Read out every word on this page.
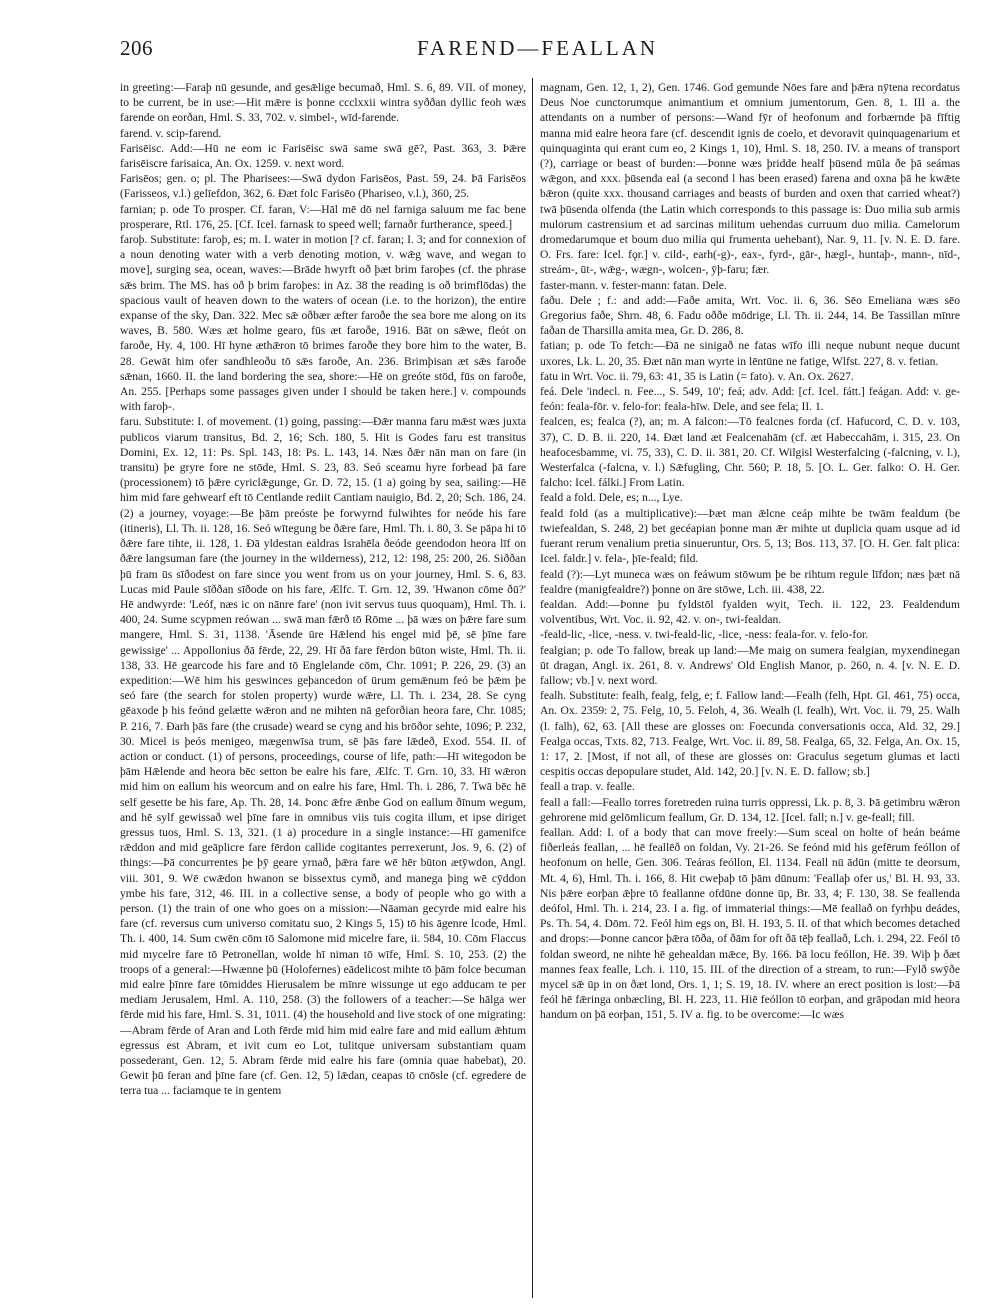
206	FAREND—FEALLAN

in greeting:—Faraþ nū gesunde, and gesǣlige becumað, Hml. S. 6, 89. VII. of money, to be current, be in use:—Hit mǣre is þonne ccclxxii wintra syððan dyllic feoh wæs farende on eorðan, Hml. S. 33, 702. v. simbel-, wīd-farende.

farend. v. scip-farend.

Farisēisc. Add:—Hū ne eom ic Farisēisc swā same swā gē?, Past. 363, 3. Þǣre farisēiscre farisaica, An. Ox. 1259. v. next word.

Farisēos; gen. o; pl. The Pharisees:—Swā dydon Farisēos, Past. 59, 24. Þā Farisēos (Farisseos, v.l.) gelīefdon, 362, 6. Ðæt folc Farisēo (Phariseo, v.l.), 360, 25.

farnian; p. ode To prosper. Cf. faran, V:—Hāl mē dō nel farniga saluum me fac bene prosperare, Rtl. 176, 25. [Cf. Icel. farnask to speed well; farnaðr furtherance, speed.]

faroþ. Substitute: faroþ, es; m. I. water in motion [? cf. faran; I. 3; and for connexion of a noun denoting water with a verb denoting motion, v. wǣg wave, and wegan to move], surging sea, ocean, waves:—Brāde hwyrft oð þæt brim faroþes (cf. the phrase sǣs brim. The MS. has oð þ brim faroþes: in Az. 38 the reading is oð brimflōdas) the spacious vault of heaven down to the waters of ocean (i.e. to the horizon), the entire expanse of the sky, Dan. 322. Mec sǣ oðbær æfter faroðe the sea bore me along on its waves, B. 580. Wæs æt holme gearo, fūs æt faroðe, 1916. Bāt on sǣwe, fleót on faroðe, Hy. 4, 100. Hī hyne æthǣron tō brimes faroðe they bore him to the water, B. 28. Gewāt him ofer sandhleoðu tō sǣs faroðe, An. 236. Brimþisan æt sǣs faroðe sǣnan, 1660. II. the land bordering the sea, shore:—Hē on greóte stōd, fūs on faroðe, An. 255. [Perhaps some passages given under I should be taken here.] v. compounds with faroþ-.

faru. Substitute: I. of movement. (1) going, passing:—Ðǣr manna faru mǣst wæs juxta publicos viarum transitus, Bd. 2, 16; Sch. 180, 5. Hit is Godes faru est transitus Domini, Ex. 12, 11: Ps. Spl. 143, 18: Ps. L. 143, 14. Næs ðǣr nān man on fare (in transitu) þe gryre fore ne stōde, Hml. S. 23, 83. Seó sceamu hyre forbead þā fare (processionem) tō þǣre cyriclǣgunge, Gr. D. 72, 15. (1 a) going by sea, sailing:—Hē him mid fare gehwearf eft tō Centlande rediit Cantiam nauigio, Bd. 2, 20; Sch. 186, 24. (2) a journey, voyage:—Be þām preóste þe forwyrnd fulwihtes for neóde his fare (itineris), Ll. Th. ii. 128, 16. Seó wītegung be ðǣre fare, Hml. Th. i. 80, 3. Se pāpa hi tō ðǣre fare tihte, ii. 128, 1. Ðā yldestan ealdras Israhēla ðeóde geendodon heora līf on ðǣre langsuman fare (the journey in the wilderness), 212, 12: 198, 25: 200, 26. Siððan þū fram ūs sīðodest on fare since you went from us on your journey, Hml. S. 6, 83. Lucas mid Paule sīððan sīðode on his fare, Ælfc. T. Grn. 12, 39. 'Hwanon cōme ðū?' Hē andwyrde: 'Leóf, næs ic on nānre fare' (non ivit servus tuus quoquam), Hml. Th. i. 400, 24. Sume scypmen reówan ... swā man fǣrð tō Rōme ... þā wæs on þǣre fare sum mangere, Hml. S. 31, 1138. 'Āsende ūre Hǣlend his engel mid þē, sē þīne fare gewissige' ... Appollonius ðā fērde, 22, 29. Hī ðā fare fērdon būton wiste, Hml. Th. ii. 138, 33. Hē gearcode his fare and tō Englelande cōm, Chr. 1091; P. 226, 29. (3) an expedition:—Wē him his geswinces geþancedon of ūrum gemǣnum feó be þǣm þe seó fare (the search for stolen property) wurde wǣre, Ll. Th. i. 234, 28. Se cyng gēaxode þ his feónd gelætte wǣron and ne mihten nā geforðian heora fare, Chr. 1085; P. 216, 7. Ðarh þās fare (the crusade) weard se cyng and his brōðor sehte, 1096; P. 232, 30. Micel is þeós menigeo, mægenwīsa trum, sē þās fare lǣdeð, Exod. 554. II. of action or conduct. (1) of persons, proceedings, course of life, path:—Hī witegodon be þām Hǣlende and heora bēc setton be ealre his fare, Ælfc. T. Grn. 10, 33. Hī wǣron mid him on eallum his weorcum and on ealre his fare, Hml. Th. i. 286, 7. Twā bēc hē self gesette be his fare, Ap. Th. 28, 14. Þonc ǣfre ǣnbe God on eallum ðīnum wegum, and hē sylf gewissað wel þīne fare in omnibus viis tuis cogita illum, et ipse diriget gressus tuos, Hml. S. 13, 321. (1 a) procedure in a single instance:—Hī gamenifce rǣddon and mid geāplicre fare fērdon callide cogitantes perrexerunt, Jos. 9, 6. (2) of things:—Þā concurrentes þe þȳ geare yrnað, þǣra fare wē hēr būton ætȳwdon, Angl. viii. 301, 9. Wē cwǣdon hwanon se bissextus cymð, and manega þing wē cȳddon ymbe his fare, 312, 46. III. in a collective sense, a body of people who go with a person. (1) the train of one who goes on a mission:—Nāaman gecyrde mid ealre his fare (cf. reversus cum universo comitatu suo, 2 Kings 5, 15) tō his āgenre lcode, Hml. Th. i. 400, 14. Sum cwēn cōm tō Salomone mid micelre fare, ii. 584, 10. Cōm Flaccus mid mycelre fare tō Petronellan, wolde hī niman tō wīfe, Hml. S. 10, 253. (2) the troops of a general:—Hwænne þū (Holofernes) eādelicost mihte tō þām folce becuman mid ealre þīnre fare tōmiddes Hierusalem be mīnre wissunge ut ego adducam te per mediam Jerusalem, Hml. A. 110, 258. (3) the followers of a teacher:—Se hālga wer fērde mid his fare, Hml. S. 31, 1011. (4) the household and live stock of one migrating:—Abram fērde of Aran and Loth fērde mid him mid ealre fare and mid eallum ǣhtum egressus est Abram, et ivit cum eo Lot, tulitque universam substantiam quam possederant, Gen. 12, 5. Abram fērde mid ealre his fare (omnia quae habebat), 20. Gewit þū feran and þīne fare (cf. Gen. 12, 5) lǣdan, ceapas tō cnōsle (cf. egredere de terra tua ... faciamque te in gentem

magnam, Gen. 12, 1, 2), Gen. 1746. God gemunde Nōes fare and þǣra nȳtena recordatus Deus Noe cunctorumque animantium et omnium jumentorum, Gen. 8, 1. III a. the attendants on a number of persons:—Wand fȳr of heofonum and forbærnde þā fīftig manna mid ealre heora fare (cf. descendit ignis de coelo, et devoravit quinquagenarium et quinquaginta qui erant cum eo, 2 Kings 1, 10), Hml. S. 18, 250. IV. a means of transport (?), carriage or beast of burden:—Þonne wæs þridde healf þūsend mūla ðe þā seámas wǣgon, and xxx. þūsenda eal (a second l has been erased) farena and oxna þā he kwǣte bǣron (quite xxx. thousand carriages and beasts of burden and oxen that carried wheat?) twā þūsenda olfenda (the Latin which corresponds to this passage is: Duo milia sub armis mulorum castrensium et ad sarcinas militum uehendas curruum duo milia. Camelorum dromedarumque et boum duo milia qui frumenta uehebant), Nar. 9, 11. [v. N. E. D. fare. O. Frs. fare: Icel. fǫr.] v. cild-, earh(-g)-, eax-, fyrd-, gār-, hægl-, huntaþ-, mann-, nīd-, streám-, ūt-, wǣg-, wægn-, wolcen-, ȳþ-faru; fær.

faster-mann. v. fester-mann: fatan. Dele.

faðu. Dele ; f.: and add:—Faðe amita, Wrt. Voc. ii. 6, 36. Sēo Emeliana wæs sēo Gregorius faðe, Shrn. 48, 6. Fadu oððe mōdrige, Ll. Th. ii. 244, 14. Be Tassillan mīnre faðan de Tharsilla amita mea, Gr. D. 286, 8.

fatian; p. ode To fetch:—Ðā ne sinigað ne fatas wīfo illi neque nubunt neque ducunt uxores, Lk. L. 20, 35. Ðæt nān man wyrte in lēntūne ne fatige, Wlfst. 227, 8. v. fetian.

fatu in Wrt. Voc. ii. 79, 63: 41, 35 is Latin (= fato). v. An. Ox. 2627.

feá. Dele 'indecl. n. Fee..., S. 549, 10'; feá; adv. Add: [cf. Icel. fátt.] feágan. Add: v. ge-feón: feala-fōr. v. felo-for: feala-hīw. Dele, and see fela; II. 1.

fealcen, es; fealca (?), an; m. A falcon:—Tō fealcnes forda (cf. Hafucord, C. D. v. 103, 37), C. D. B. ii. 220, 14. Ðæt land æt Fealcenahām (cf. æt Habeccahām, i. 315, 23. On heafocesbamme, vi. 75, 33), C. D. ii. 381, 20. Cf. Wilgisl Westerfalcing (-falcning, v. l.), Westerfalca (-falcna, v. l.) Sǣfugling, Chr. 560; P. 18, 5. [O. L. Ger. falko: O. H. Ger. falcho: Icel. fálki.] From Latin.

feald a fold. Dele, es; n..., Lye.

feald fold (as a multiplicative):—Þæt man ǣlcne ceáp mihte be twām fealdum (be twiefealdan, S. 248, 2) bet gecéapian þonne man ǣr mihte ut duplicia quam usque ad id fuerant rerum venalium pretia sinueruntur, Ors. 5, 13; Bos. 113, 37. [O. H. Ger. falt plica: Icel. faldr.] v. fela-, þīe-feald; fild.

feald (?):—Lyt muneca wæs on feáwum stōwum þe be rihtum regule līfdon; næs þæt nā fealdre (manigfealdre?) þonne on āre stōwe, Lch. iii. 438, 22.

fealdan. Add:—Þonne þu fyldstōl fyalden wyit, Tech. ii. 122, 23. Fealdendum volventibus, Wrt. Voc. ii. 92, 42. v. on-, twi-fealdan.

-feald-lic, -lice, -ness. v. twi-feald-lic, -lice, -ness: feala-for. v. felo-for.

fealgian; p. ode To fallow, break up land:—Me maig on sumera fealgian, myxendinegan ūt dragan, Angl. ix. 261, 8. v. Andrews' Old English Manor, p. 260, n. 4. [v. N. E. D. fallow; vb.] v. next word.

fealh. Substitute: fealh, fealg, felg, e; f. Fallow land:—Fealh (felh, Hpt. Gl. 461, 75) occa, An. Ox. 2359: 2, 75. Felg, 10, 5. Feloh, 4, 36. Wealh (l. fealh), Wrt. Voc. ii. 79, 25. Walh (l. falh), 62, 63. [All these are glosses on: Foecunda conversationis occa, Ald. 32, 29.] Fealga occas, Txts. 82, 713. Fealge, Wrt. Voc. ii. 89, 58. Fealga, 65, 32. Felga, An. Ox. 15, 1: 17, 2. [Most, if not all, of these are glosses on: Graculus segetum glumas et lacti cespitis occas depopulare studet, Ald. 142, 20.] [v. N. E. D. fallow; sb.]

feall a trap. v. fealle.

feall a fall:—Feallo torres foretreden ruina turris oppressi, Lk. p. 8, 3. Þā getimbru wǣron gehrorene mid gelōmlicum feallum, Gr. D. 134, 12. [Icel. fall; n.] v. ge-feall; fill.

feallan. Add: I. of a body that can move freely:—Sum sceal on holte of heán beáme fiðerleás feallan, ... hē feallēð on foldan, Vy. 21-26. Se feónd mid his gefērum feóllon of heofonum on helle, Gen. 306. Teáras feóllon, El. 1134. Feall nū ādūn (mitte te deorsum, Mt. 4, 6), Hml. Th. i. 166, 8. Hit cweþaþ tō þām dūnum: 'Feallaþ ofer us,' Bl. H. 93, 33. Nis þǣre eorþan ǣþre tō feallanne ofdūne donne ūp, Br. 33, 4; F. 130, 38. Se feallenda deófol, Hml. Th. i. 214, 23. I a. fig. of immaterial things:—Mē feallað on fyrhþu deádes, Ps. Th. 54, 4. Dōm. 72. Feól him egs on, Bl. H. 193, 5. II. of that which becomes detached and drops:—Þonne cancor þǣra tōða, of ðām for oft ðā tēþ feallað, Lch. i. 294, 22. Feól tō foldan sweord, ne nihte hē gehealdan mǣce, By. 166. Þā locu feóllon, Hē. 39. Wiþ þ ðæt mannes feax fealle, Lch. i. 110, 15. III. of the direction of a stream, to run:—Fylð swȳðe mycel sǣ ūp in on ðæt lond, Ors. 1, 1; S. 19, 18. IV. where an erect position is lost:—Þā feól hē fǣringa onbæcling, Bl. H. 223, 11. Hiē feóllon tō eorþan, and grāpodan mid heora handum on þā eorþan, 151, 5. IV a. fig. to be overcome:—Ic wæs
